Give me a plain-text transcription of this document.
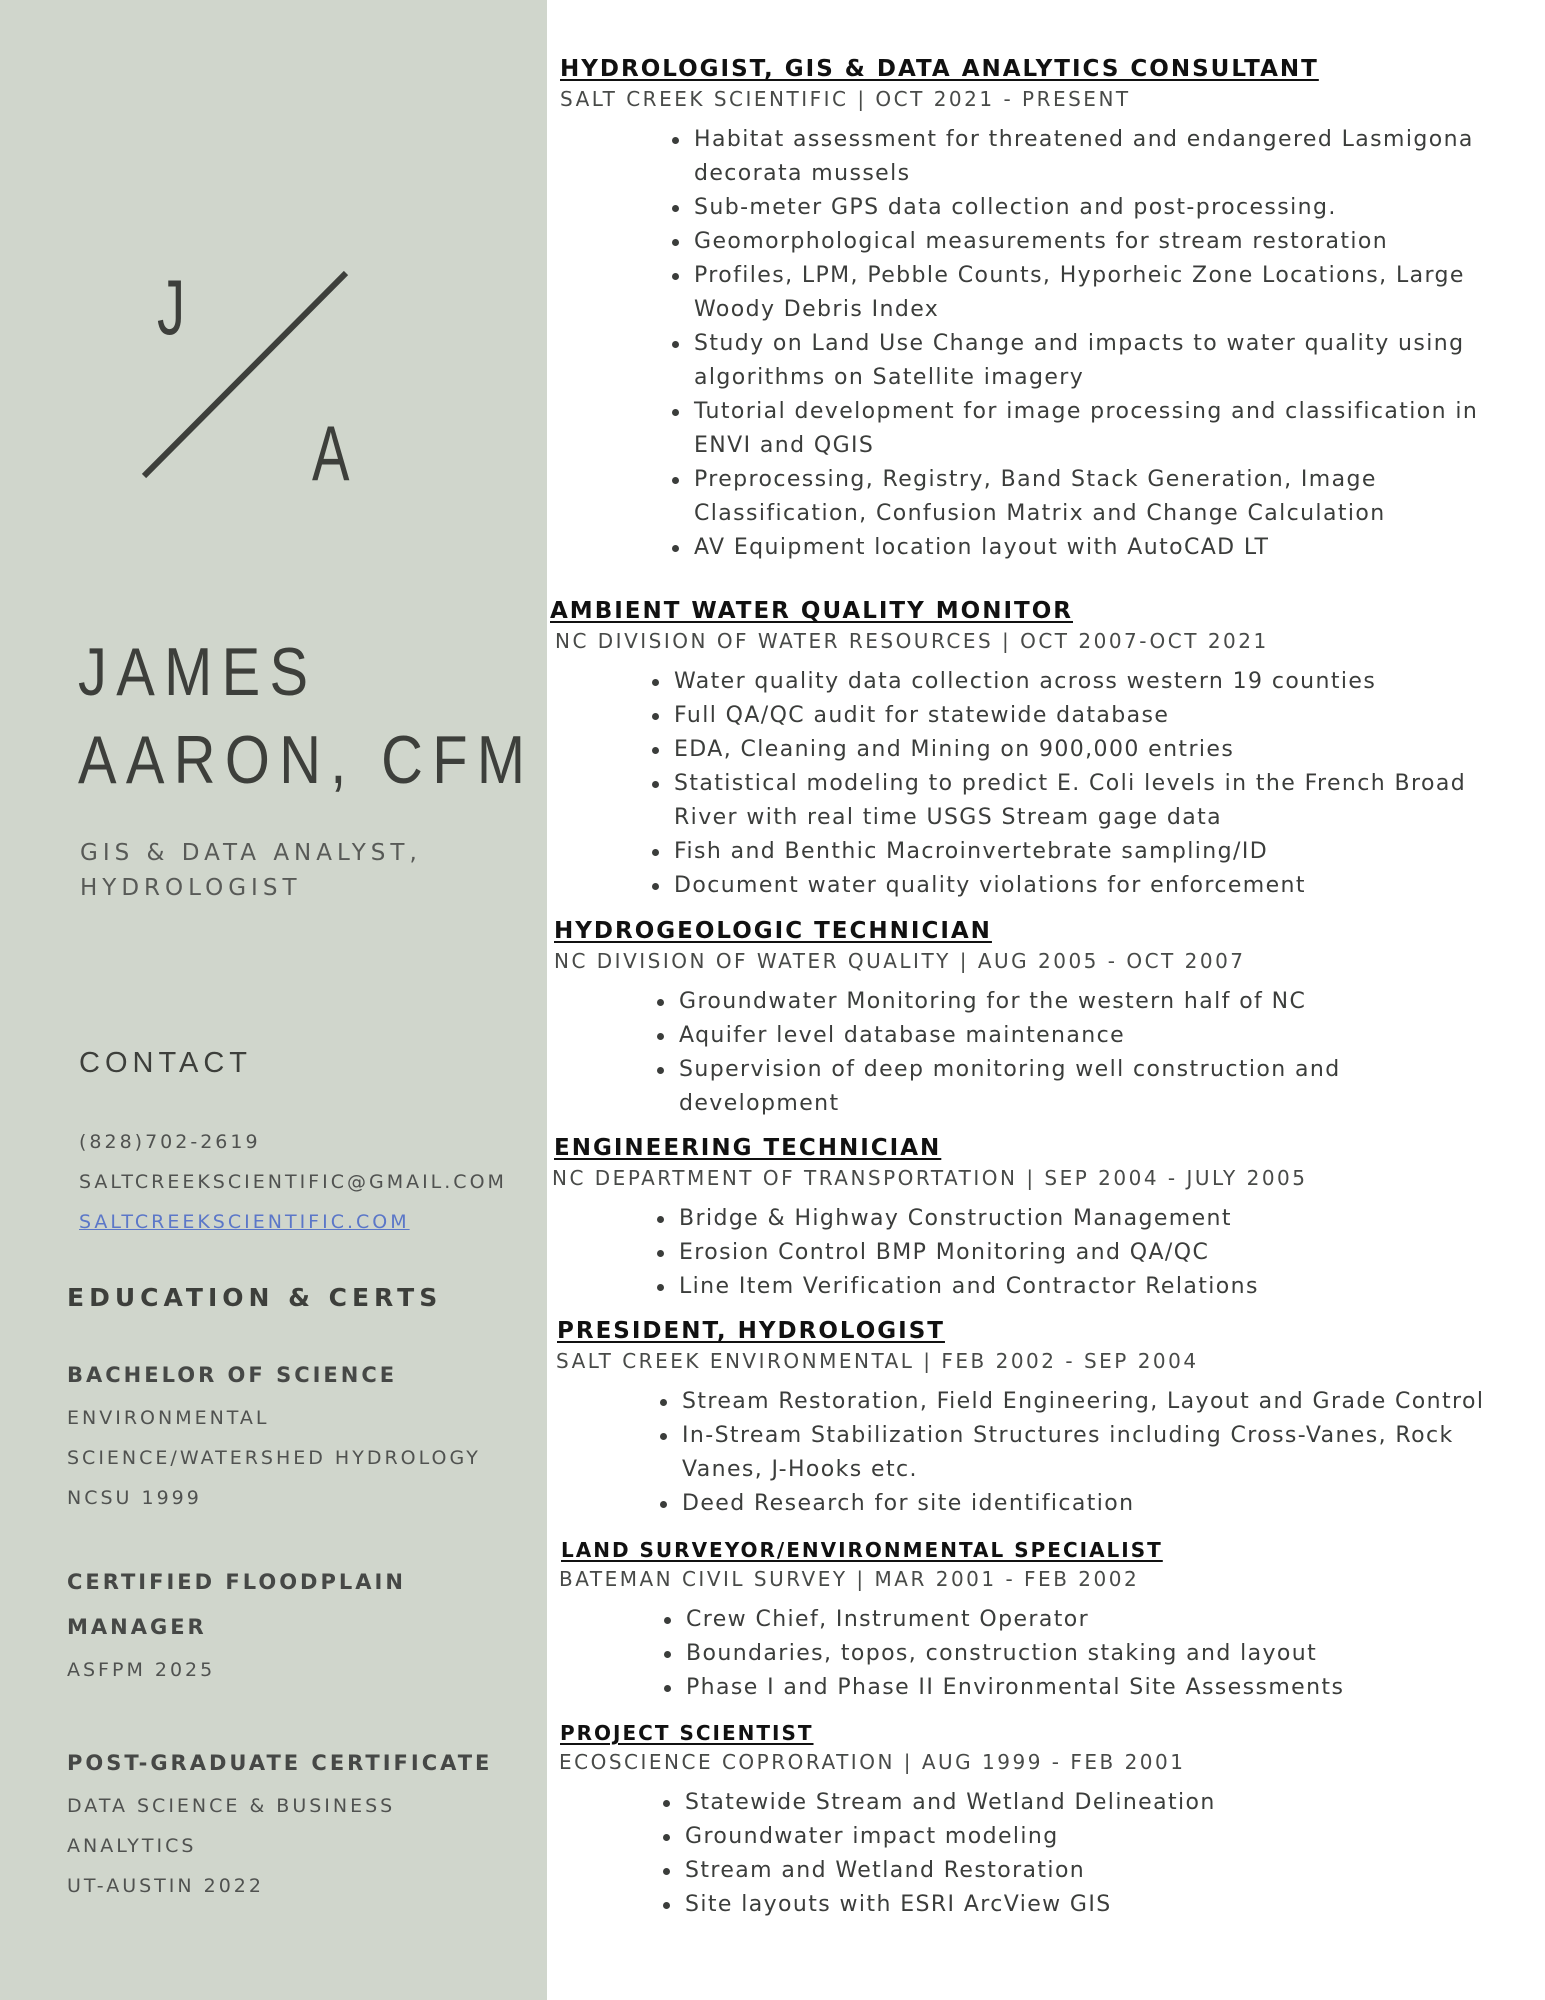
J
A
JAMES
AARON, CFM
GIS & DATA ANALYST,
HYDROLOGIST
CONTACT
(828)702-2619
SALTCREEKSCIENTIFIC@GMAIL.COM
SALTCREEKSCIENTIFIC.COM
EDUCATION & CERTS
BACHELOR OF SCIENCE
ENVIRONMENTAL
SCIENCE/WATERSHED HYDROLOGY
NCSU 1999
CERTIFIED FLOODPLAIN
MANAGER
ASFPM 2025
POST-GRADUATE CERTIFICATE
DATA SCIENCE & BUSINESS
ANALYTICS
UT-AUSTIN 2022
HYDROLOGIST, GIS & DATA ANALYTICS CONSULTANT
SALT CREEK SCIENTIFIC | OCT 2021 - PRESENT
Habitat assessment for threatened and endangered Lasmigona decorata mussels
Sub-meter GPS data collection and post-processing.
Geomorphological measurements for stream restoration
Profiles, LPM, Pebble Counts, Hyporheic Zone Locations, Large Woody Debris Index
Study on Land Use Change and impacts to water quality using algorithms on Satellite imagery
Tutorial development for image processing and classification in ENVI and QGIS
Preprocessing, Registry, Band Stack Generation, Image Classification, Confusion Matrix and Change Calculation
AV Equipment location layout with AutoCAD LT
AMBIENT WATER QUALITY MONITOR
NC DIVISION OF WATER RESOURCES | OCT 2007-OCT 2021
Water quality data collection across western 19 counties
Full QA/QC audit for statewide database
EDA, Cleaning and Mining on 900,000 entries
Statistical modeling to predict E. Coli levels in the French Broad River with real time USGS Stream gage data
Fish and Benthic Macroinvertebrate sampling/ID
Document water quality violations for enforcement
HYDROGEOLOGIC TECHNICIAN
NC DIVISION OF WATER QUALITY | AUG 2005 - OCT 2007
Groundwater Monitoring for the western half of NC
Aquifer level database maintenance
Supervision of deep monitoring well construction and development
ENGINEERING TECHNICIAN
NC DEPARTMENT OF TRANSPORTATION | SEP 2004 - JULY 2005
Bridge & Highway Construction Management
Erosion Control BMP Monitoring and QA/QC
Line Item Verification and Contractor Relations
PRESIDENT, HYDROLOGIST
SALT CREEK ENVIRONMENTAL | FEB 2002 - SEP 2004
Stream Restoration, Field Engineering, Layout and Grade Control
In-Stream Stabilization Structures including Cross-Vanes, Rock Vanes, J-Hooks etc.
Deed Research for site identification
LAND SURVEYOR/ENVIRONMENTAL SPECIALIST
BATEMAN CIVIL SURVEY | MAR 2001 - FEB 2002
Crew Chief, Instrument Operator
Boundaries, topos, construction staking and layout
Phase I and Phase II Environmental Site Assessments
PROJECT SCIENTIST
ECOSCIENCE COPRORATION | AUG 1999 - FEB 2001
Statewide Stream and Wetland Delineation
Groundwater impact modeling
Stream and Wetland Restoration
Site layouts with ESRI ArcView GIS
